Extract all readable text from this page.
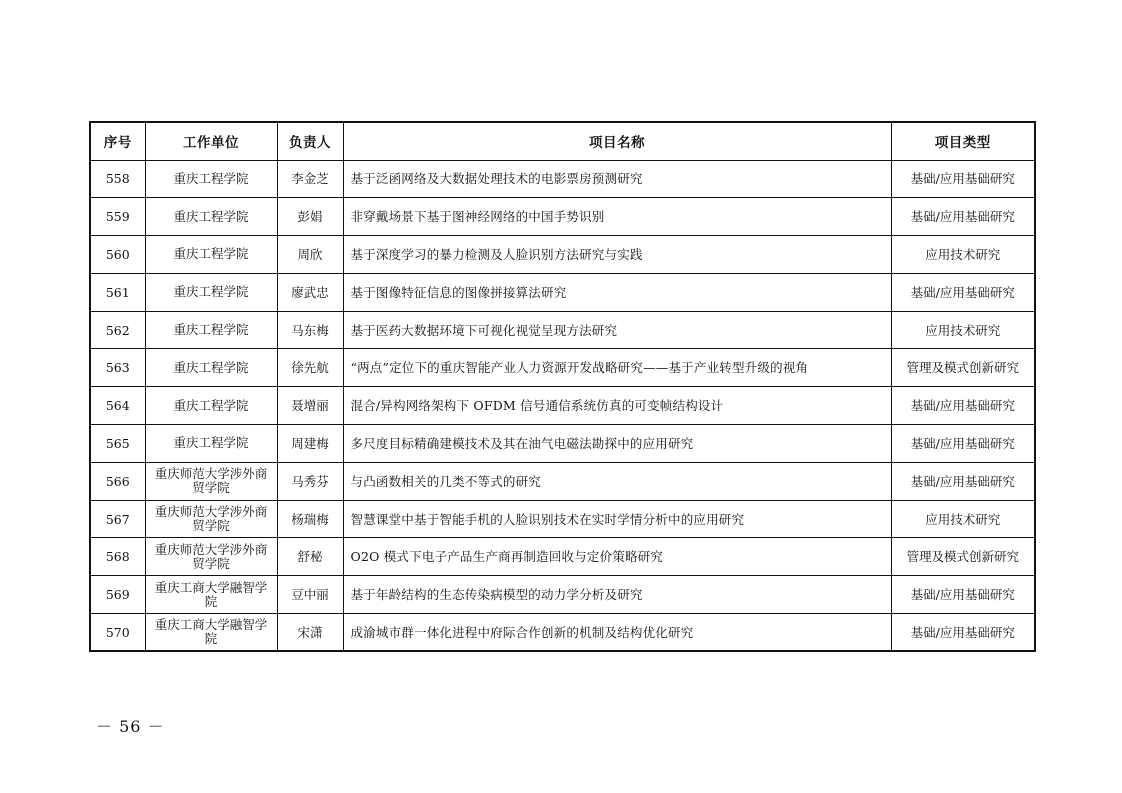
序号	工作单位	负责人	项目名称	项目类型
558	重庆工程学院	李金芝	基于泛函网络及大数据处理技术的电影票房预测研究	基础/应用基础研究
559	重庆工程学院	彭娟	非穿戴场景下基于图神经网络的中国手势识别	基础/应用基础研究
560	重庆工程学院	周欣	基于深度学习的暴力检测及人脸识别方法研究与实践	应用技术研究
561	重庆工程学院	廖武忠	基于图像特征信息的图像拼接算法研究	基础/应用基础研究
562	重庆工程学院	马东梅	基于医药大数据环境下可视化视觉呈现方法研究	应用技术研究
563	重庆工程学院	徐先航	“两点”定位下的重庆智能产业人力资源开发战略研究——基于产业转型升级的视角	管理及模式创新研究
564	重庆工程学院	聂增丽	混合/异构网络架构下 OFDM 信号通信系统仿真的可变帧结构设计	基础/应用基础研究
565	重庆工程学院	周建梅	多尺度目标精确建模技术及其在油气电磁法勘探中的应用研究	基础/应用基础研究
566	重庆师范大学涉外商贸学院	马秀芬	与凸函数相关的几类不等式的研究	基础/应用基础研究
567	重庆师范大学涉外商贸学院	杨瑞梅	智慧课堂中基于智能手机的人脸识别技术在实时学情分析中的应用研究	应用技术研究
568	重庆师范大学涉外商贸学院	舒秘	O2O 模式下电子产品生产商再制造回收与定价策略研究	管理及模式创新研究
569	重庆工商大学融智学院	豆中丽	基于年龄结构的生态传染病模型的动力学分析及研究	基础/应用基础研究
570	重庆工商大学融智学院	宋潇	成渝城市群一体化进程中府际合作创新的机制及结构优化研究	基础/应用基础研究
－ 56 －
